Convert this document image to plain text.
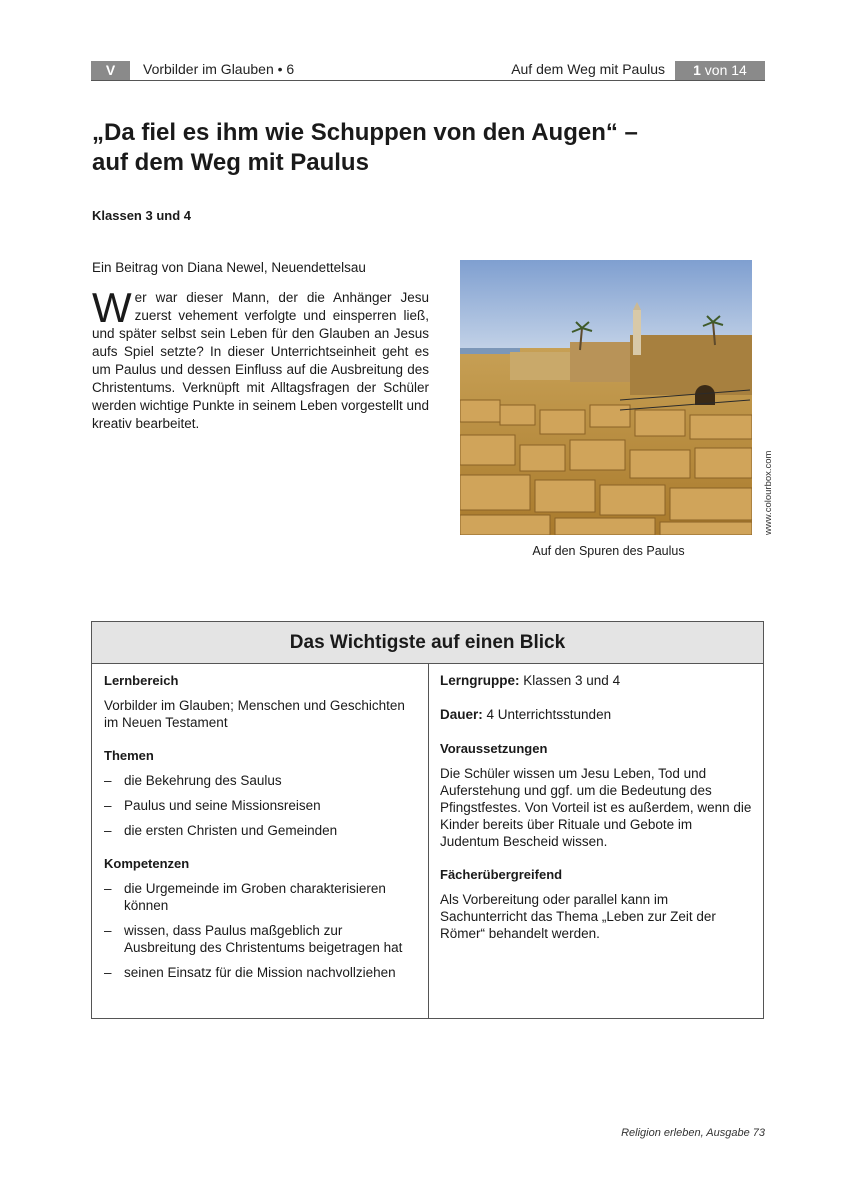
V	Vorbilder im Glauben • 6	Auf dem Weg mit Paulus	1 von 14
„Da fiel es ihm wie Schuppen von den Augen“ –
auf dem Weg mit Paulus
Klassen 3 und 4
Ein Beitrag von Diana Newel, Neuendettelsau
Wer war dieser Mann, der die Anhänger Jesu zuerst vehement verfolgte und einsperren ließ, und später selbst sein Leben für den Glauben an Jesus aufs Spiel setzte? In dieser Unterrichtseinheit geht es um Paulus und dessen Einfluss auf die Ausbreitung des Christentums. Verknüpft mit Alltagsfragen der Schüler werden wichtige Punkte in seinem Leben vorgestellt und kreativ bearbeitet.
www.colourbox.com
Auf den Spuren des Paulus
Das Wichtigste auf einen Blick
Lernbereich
Vorbilder im Glauben; Menschen und Geschichten im Neuen Testament
Themen
– die Bekehrung des Saulus
– Paulus und seine Missionsreisen
– die ersten Christen und Gemeinden
Kompetenzen
– die Urgemeinde im Groben charakterisieren können
– wissen, dass Paulus maßgeblich zur Ausbreitung des Christentums beigetragen hat
– seinen Einsatz für die Mission nachvollziehen
Lerngruppe: Klassen 3 und 4
Dauer: 4 Unterrichtsstunden
Voraussetzungen
Die Schüler wissen um Jesu Leben, Tod und Auferstehung und ggf. um die Bedeutung des Pfingstfestes. Von Vorteil ist es außerdem, wenn die Kinder bereits über Rituale und Gebote im Judentum Bescheid wissen.
Fächerübergreifend
Als Vorbereitung oder parallel kann im Sachunterricht das Thema „Leben zur Zeit der Römer“ behandelt werden.
Religion erleben, Ausgabe 73
